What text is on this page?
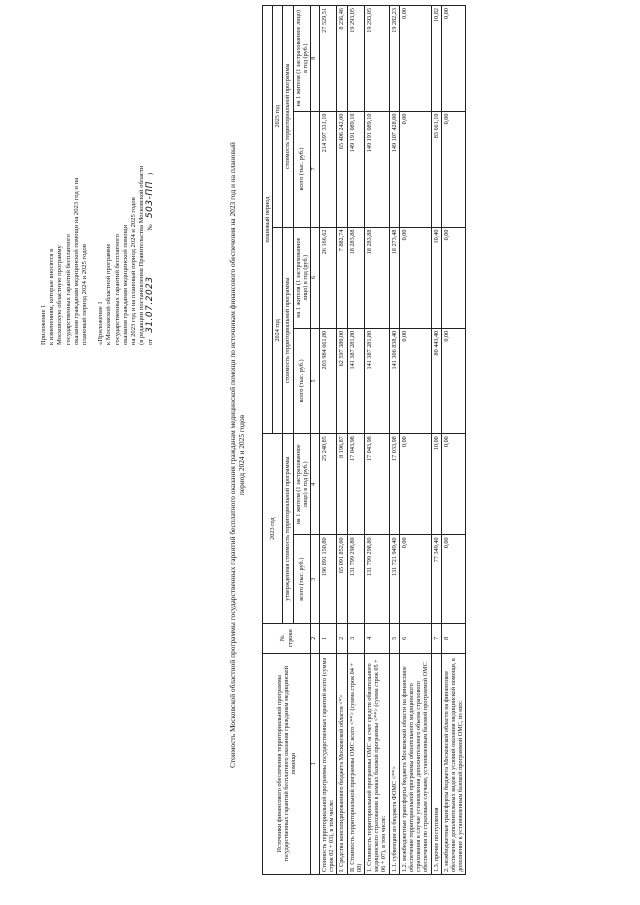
Приложение 1 к изменениям, которые вносятся в Московскую областную программу государственных гарантий бесплатного оказания гражданам медицинской помощи на 2023 год и на плановый период 2024 и 2025 годов «Приложение 1 к Московской областной программе государственных гарантий бесплатного оказания гражданам медицинской помощи на 2023 год и на плановый период 2024 и 2025 годов (в редакции постановления Правительства Московской области от
31.07.2023
№
503-ПП
)	Стоимость Московской областной программы государственных гарантий бесплатного оказания гражданам медицинской помощи по источникам финансового обеспечения на 2023 год и на плановый период 2024 и 2025 годов
Источники финансового обеспечения территориальной программы государственных гарантий бесплатного оказания гражданам медицинской помощи	№ строки	2023 год		плановый период			
				2024 год		2025 год	
		утвержденная стоимость территориальной программы		стоимость территориальной программы		стоимость территориальной программы	
		всего (тыс. руб.)	на 1 жителя (1 застрахованное лицо) в год (руб.)	всего (тыс. руб.)	на 1 жителя (1 застрахованное лицо) в год (руб.)	всего (тыс. руб.)	на 1 жителя (1 застрахованное лицо) в год (руб.)
1	2	3	4	5	6	7	8
Стоимость территориальной программы государственных гарантий всего (сумма строк 02 + 03), в том числе:	1	196 891 150,80	25 240,85	203 984 661,80	26 166,62	214 597 331,10	27 529,51
I. Средства консолидированного бюджета Московской области <*>	2	65 091 852,00	8 196,87	62 597 380,00	7 882,74	65 406 242,00	8 236,46
II. Стоимость территориальной программы ОМС всего <**> (сумма строк 04 + 08)	3	131 799 298,80	17 043,98	141 387 281,80	18 283,88	149 191 089,10	19 293,05
1. Стоимость территориальной программы ОМС за счет средств обязательного медицинского страхования в рамках базовой программы <**> (сумма строк 05 + 06 + 07), в том числе:	4	131 799 298,80	17 043,98	141 387 281,80	18 283,88	149 191 089,10	19 293,05
1.1. субвенции из бюджета ФОМС <**>	5	131 721 949,40	17 033,98	141 306 838,40	18 273,48	149 107 428,00	19 282,23
1.2. межбюджетные трансферты бюджета Московской области на финансовое обеспечение территориальной программы обязательного медицинского страхования в случае установления дополнительного объема страхового обеспечения по страховым случаям, установленным базовой программой ОМС	6	0,00	0,00	0,00	0,00	0,00	0,00
1.3. прочие поступления	7	77 349,40	10,00	80 443,40	10,40	83 661,10	10,82
2. межбюджетные трансферты бюджета Московской области на финансовое обеспечение дополнительных видов и условий оказания медицинской помощи, в дополнение к установленным базовой программой ОМС, из них:	8	0,00	0,00	0,00	0,00	0,00	0,00
